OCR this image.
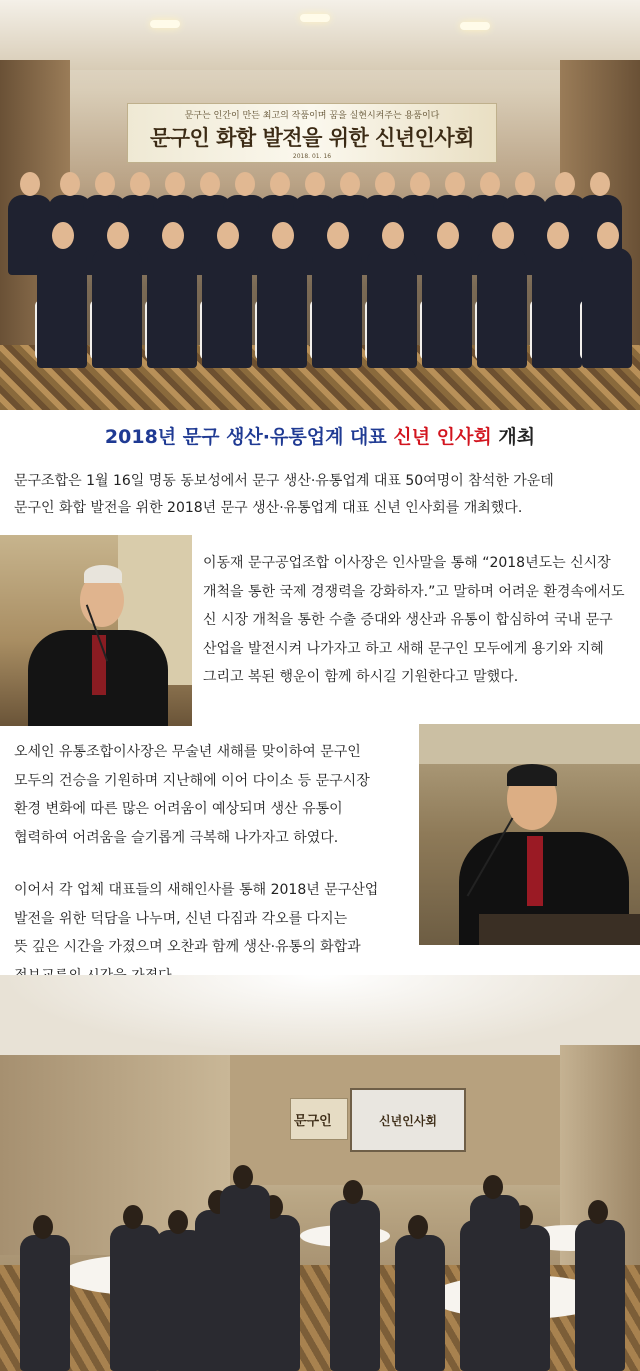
문구는 인간이 만든 최고의 작품이며 꿈을 실현시켜주는 용품이다
문구인 화합 발전을 위한 신년인사회
2018. 01. 16
2018년 문구 생산·유통업계 대표 신년 인사회 개최

문구조합은 1월 16일 명동 동보성에서 문구 생산·유통업계 대표 50여명이 참석한 가운데
문구인 화합 발전을 위한 2018년 문구 생산·유통업계 대표 신년 인사회를 개최했다.

이동재 문구공업조합 이사장은 인사말을 통해 “2018년도는 신시장
개척을 통한 국제 경쟁력을 강화하자.”고 말하며 어려운 환경속에서도
신 시장 개척을 통한 수출 증대와 생산과 유통이 합심하여 국내 문구
산업을 발전시켜 나가자고 하고 새해 문구인 모두에게 용기와 지혜
그리고 복된 행운이 함께 하시길 기원한다고 말했다.

오세인 유통조합이사장은 무술년 새해를 맞이하여 문구인
모두의 건승을 기원하며 지난해에 이어 다이소 등 문구시장
환경 변화에 따른 많은 어려움이 예상되며 생산 유통이
협력하여 어려움을 슬기롭게 극복해 나가자고 하였다.

이어서 각 업체 대표들의 새해인사를 통해 2018년 문구산업
발전을 위한 덕담을 나누며, 신년 다짐과 각오를 다지는
뜻 깊은 시간을 가졌으며 오찬과 함께 생산·유통의 화합과

문구인	신년인사회
